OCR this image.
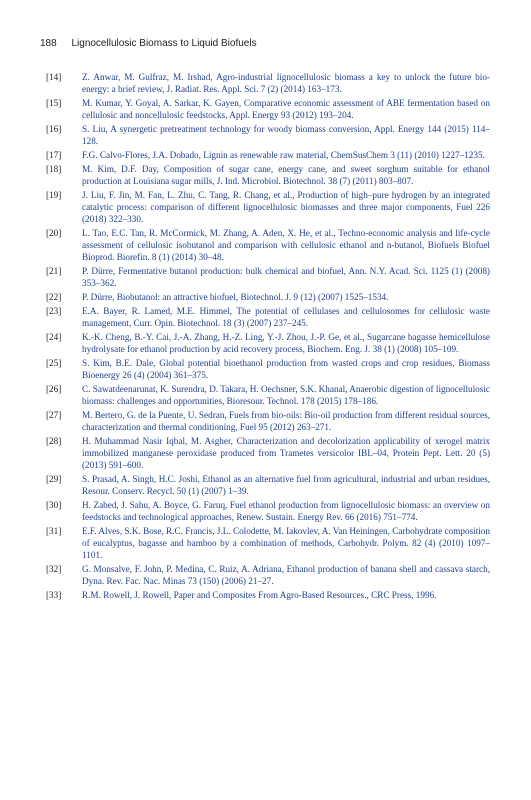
188 Lignocellulosic Biomass to Liquid Biofuels
[14] Z. Anwar, M. Gulfraz, M. Irshad, Agro-industrial lignocellulosic biomass a key to unlock the future bio-energy: a brief review, J. Radiat. Res. Appl. Sci. 7 (2) (2014) 163–173.
[15] M. Kumar, Y. Goyal, A. Sarkar, K. Gayen, Comparative economic assessment of ABE fermentation based on cellulosic and noncellulosic feedstocks, Appl. Energy 93 (2012) 193–204.
[16] S. Liu, A synergetic pretreatment technology for woody biomass conversion, Appl. Energy 144 (2015) 114–128.
[17] F.G. Calvo-Flores, J.A. Dobado, Lignin as renewable raw material, ChemSusChem 3 (11) (2010) 1227–1235.
[18] M. Kim, D.F. Day, Composition of sugar cane, energy cane, and sweet sorghum suitable for ethanol production at Louisiana sugar mills, J. Ind. Microbiol. Biotechnol. 38 (7) (2011) 803–807.
[19] J. Liu, F. Jin, M. Fan, L. Zhu, C. Tang, R. Chang, et al., Production of high–pure hydrogen by an integrated catalytic process: comparison of different lignocellulosic biomasses and three major components, Fuel 226 (2018) 322–330.
[20] L. Tao, E.C. Tan, R. McCormick, M. Zhang, A. Aden, X. He, et al., Techno-economic analysis and life-cycle assessment of cellulosic isobutanol and comparison with cellulosic ethanol and n-butanol, Biofuels Biofuel Bioprod. Biorefin. 8 (1) (2014) 30–48.
[21] P. Dürre, Fermentative butanol production: bulk chemical and biofuel, Ann. N.Y. Acad. Sci. 1125 (1) (2008) 353–362.
[22] P. Dürre, Biobutanol: an attractive biofuel, Biotechnol. J. 9 (12) (2007) 1525–1534.
[23] E.A. Bayer, R. Lamed, M.E. Himmel, The potential of cellulases and cellulosomes for cellulosic waste management, Curr. Opin. Biotechnol. 18 (3) (2007) 237–245.
[24] K.-K. Cheng, B.-Y. Cai, J.-A. Zhang, H.-Z. Ling, Y.-J. Zhou, J.-P. Ge, et al., Sugarcane bagasse hemicellulose hydrolysate for ethanol production by acid recovery process, Biochem. Eng. J. 38 (1) (2008) 105–109.
[25] S. Kim, B.E. Dale, Global potential bioethanol production from wasted crops and crop residues, Biomass Bioenergy 26 (4) (2004) 361–375.
[26] C. Sawatdeenarunat, K. Surendra, D. Takara, H. Oechsner, S.K. Khanal, Anaerobic digestion of lignocellulosic biomass: challenges and opportunities, Bioresour. Technol. 178 (2015) 178–186.
[27] M. Bertero, G. de la Puente, U. Sedran, Fuels from bio-oils: Bio-oil production from different residual sources, characterization and thermal conditioning, Fuel 95 (2012) 263–271.
[28] H. Muhammad Nasir Iqbal, M. Asgher, Characterization and decolorization applicability of xerogel matrix immobilized manganese peroxidase produced from Trametes versicolor IBL–04, Protein Pept. Lett. 20 (5) (2013) 591–600.
[29] S. Prasad, A. Singh, H.C. Joshi, Ethanol as an alternative fuel from agricultural, industrial and urban residues, Resour. Conserv. Recycl. 50 (1) (2007) 1–39.
[30] H. Zabed, J. Sahu, A. Boyce, G. Faruq, Fuel ethanol production from lignocellulosic biomass: an overview on feedstocks and technological approaches, Renew. Sustain. Energy Rev. 66 (2016) 751–774.
[31] E.F. Alves, S.K. Bose, R.C. Francis, J.L. Colodette, M. Iakovlev, A. Van Heiningen, Carbohydrate composition of eucalyptus, bagasse and bamboo by a combination of methods, Carbohydr. Polym. 82 (4) (2010) 1097–1101.
[32] G. Monsalve, F. John, P. Medina, C. Ruiz, A. Adriana, Ethanol production of banana shell and cassava starch, Dyna. Rev. Fac. Nac. Minas 73 (150) (2006) 21–27.
[33] R.M. Rowell, J. Rowell, Paper and Composites From Agro-Based Resources., CRC Press, 1996.
